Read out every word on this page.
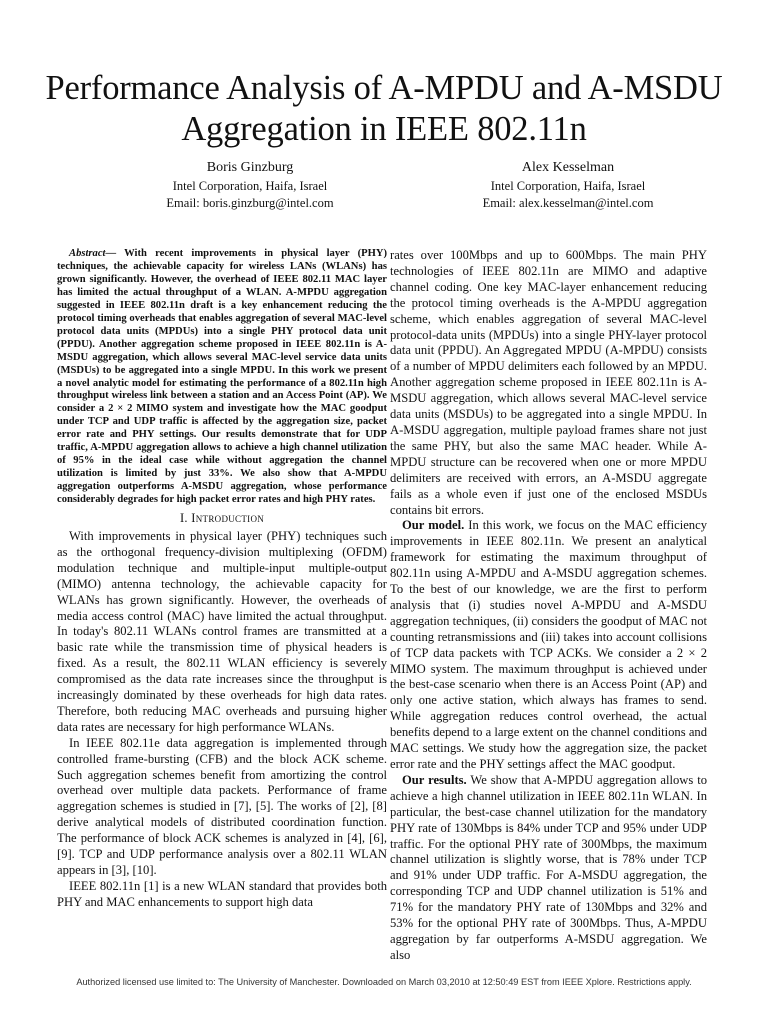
Performance Analysis of A-MPDU and A-MSDU
Aggregation in IEEE 802.11n
Boris Ginzburg
Intel Corporation, Haifa, Israel
Email: boris.ginzburg@intel.com
Alex Kesselman
Intel Corporation, Haifa, Israel
Email: alex.kesselman@intel.com

Abstract— With recent improvements in physical layer (PHY) techniques, the achievable capacity for wireless LANs (WLANs) has grown significantly. However, the overhead of IEEE 802.11 MAC layer has limited the actual throughput of a WLAN. A-MPDU aggregation suggested in IEEE 802.11n draft is a key enhancement reducing the protocol timing overheads that enables aggregation of several MAC-level protocol data units (MPDUs) into a single PHY protocol data unit (PPDU). Another aggregation scheme proposed in IEEE 802.11n is A-MSDU aggregation, which allows several MAC-level service data units (MSDUs) to be aggregated into a single MPDU. In this work we present a novel analytic model for estimating the performance of a 802.11n high throughput wireless link between a station and an Access Point (AP). We consider a 2 × 2 MIMO system and investigate how the MAC goodput under TCP and UDP traffic is affected by the aggregation size, packet error rate and PHY settings. Our results demonstrate that for UDP traffic, A-MPDU aggregation allows to achieve a high channel utilization of 95% in the ideal case while without aggregation the channel utilization is limited by just 33%. We also show that A-MPDU aggregation outperforms A-MSDU aggregation, whose performance considerably degrades for high packet error rates and high PHY rates.

I. Introduction

With improvements in physical layer (PHY) techniques such as the orthogonal frequency-division multiplexing (OFDM) modulation technique and multiple-input multiple-output (MIMO) antenna technology, the achievable capacity for WLANs has grown significantly. However, the overheads of media access control (MAC) have limited the actual throughput. In today's 802.11 WLANs control frames are transmitted at a basic rate while the transmission time of physical headers is fixed. As a result, the 802.11 WLAN efficiency is severely compromised as the data rate increases since the throughput is increasingly dominated by these overheads for high data rates. Therefore, both reducing MAC overheads and pursuing higher data rates are necessary for high performance WLANs.

In IEEE 802.11e data aggregation is implemented through controlled frame-bursting (CFB) and the block ACK scheme. Such aggregation schemes benefit from amortizing the control overhead over multiple data packets. Performance of frame aggregation schemes is studied in [7], [5]. The works of [2], [8] derive analytical models of distributed coordination function. The performance of block ACK schemes is analyzed in [4], [6], [9]. TCP and UDP performance analysis over a 802.11 WLAN appears in [3], [10].

IEEE 802.11n [1] is a new WLAN standard that provides both PHY and MAC enhancements to support high data

rates over 100Mbps and up to 600Mbps. The main PHY technologies of IEEE 802.11n are MIMO and adaptive channel coding. One key MAC-layer enhancement reducing the protocol timing overheads is the A-MPDU aggregation scheme, which enables aggregation of several MAC-level protocol-data units (MPDUs) into a single PHY-layer protocol data unit (PPDU). An Aggregated MPDU (A-MPDU) consists of a number of MPDU delimiters each followed by an MPDU. Another aggregation scheme proposed in IEEE 802.11n is A-MSDU aggregation, which allows several MAC-level service data units (MSDUs) to be aggregated into a single MPDU. In A-MSDU aggregation, multiple payload frames share not just the same PHY, but also the same MAC header. While A-MPDU structure can be recovered when one or more MPDU delimiters are received with errors, an A-MSDU aggregate fails as a whole even if just one of the enclosed MSDUs contains bit errors.

Our model. In this work, we focus on the MAC efficiency improvements in IEEE 802.11n. We present an analytical framework for estimating the maximum throughput of 802.11n using A-MPDU and A-MSDU aggregation schemes. To the best of our knowledge, we are the first to perform analysis that (i) studies novel A-MPDU and A-MSDU aggregation techniques, (ii) considers the goodput of MAC not counting retransmissions and (iii) takes into account collisions of TCP data packets with TCP ACKs. We consider a 2 × 2 MIMO system. The maximum throughput is achieved under the best-case scenario when there is an Access Point (AP) and only one active station, which always has frames to send. While aggregation reduces control overhead, the actual benefits depend to a large extent on the channel conditions and MAC settings. We study how the aggregation size, the packet error rate and the PHY settings affect the MAC goodput.

Our results. We show that A-MPDU aggregation allows to achieve a high channel utilization in IEEE 802.11n WLAN. In particular, the best-case channel utilization for the mandatory PHY rate of 130Mbps is 84% under TCP and 95% under UDP traffic. For the optional PHY rate of 300Mbps, the maximum channel utilization is slightly worse, that is 78% under TCP and 91% under UDP traffic. For A-MSDU aggregation, the corresponding TCP and UDP channel utilization is 51% and 71% for the mandatory PHY rate of 130Mbps and 32% and 53% for the optional PHY rate of 300Mbps. Thus, A-MPDU aggregation by far outperforms A-MSDU aggregation. We also

Authorized licensed use limited to: The University of Manchester. Downloaded on March 03,2010 at 12:50:49 EST from IEEE Xplore. Restrictions apply.
